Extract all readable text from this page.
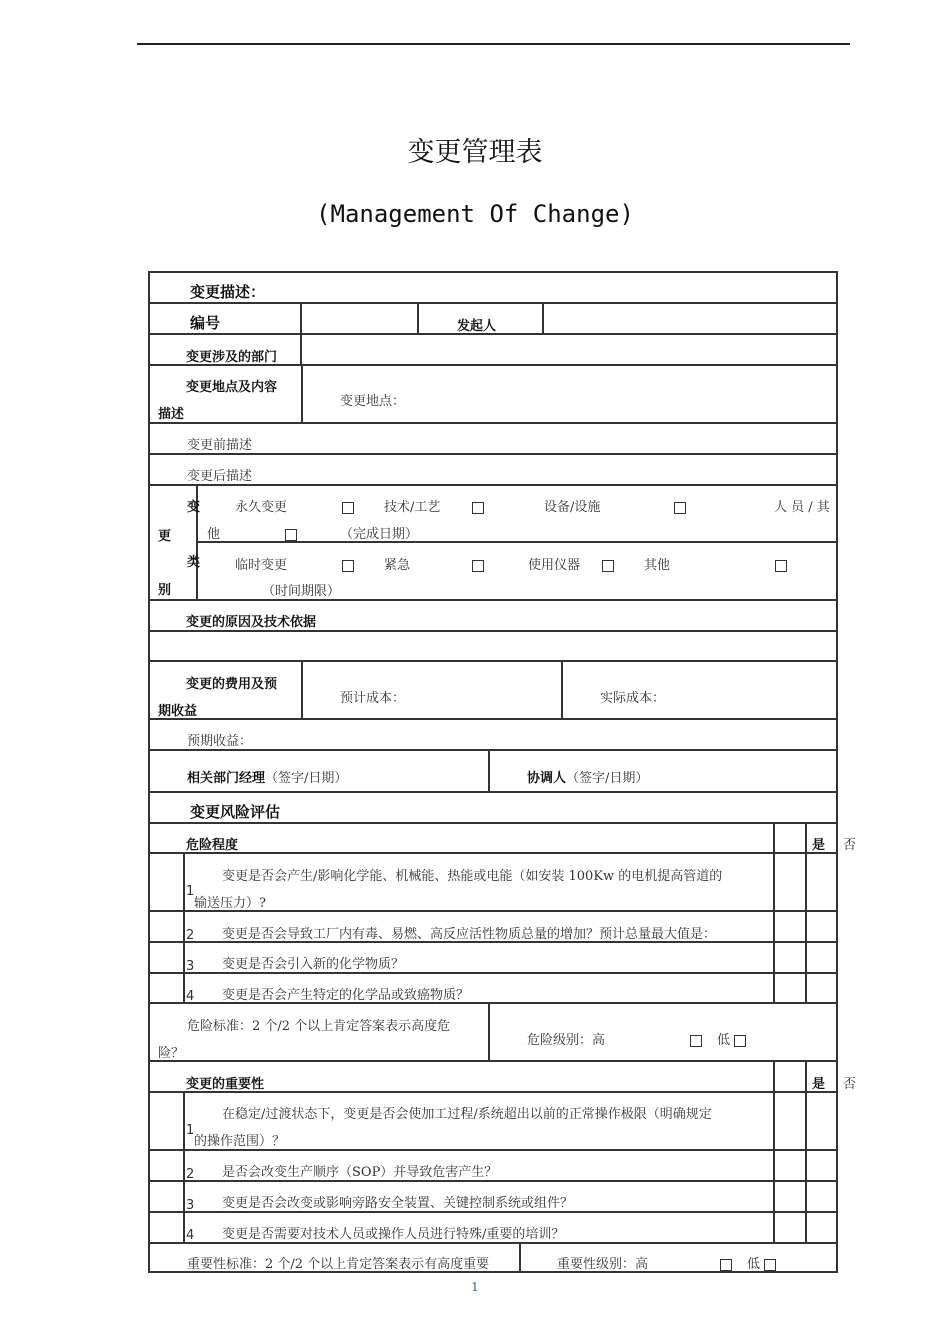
变更管理表
(Management Of Change)
变更描述：
编号	发起人
变更涉及的部门
变更地点及内容
描述
变更地点：
变更前描述
变更后描述
变
更
类
别
永久变更	技术/工艺	设备/设施	人 员 / 其
他	（完成日期）
临时变更	紧急	使用仪器	其他
（时间期限）
变更的原因及技术依据
变更的费用及预
期收益
预计成本：	实际成本：
预期收益：
相关部门经理（签字/日期）	协调人（签字/日期）
变更风险评估
危险程度	是 否
1
变更是否会产生/影响化学能、机械能、热能或电能（如安装 100Kw 的电机提高管道的
输送压力）?
2 变更是否会导致工厂内有毒、易燃、高反应活性物质总量的增加？预计总量最大值是：
3 变更是否会引入新的化学物质？
4 变更是否会产生特定的化学品或致癌物质？
危险标准：2 个/2 个以上肯定答案表示高度危
险？
危险级别：高	低
变更的重要性	是 否
1
在稳定/过渡状态下，变更是否会使加工过程/系统超出以前的正常操作极限（明确规定
的操作范围）？
2 是否会改变生产顺序（SOP）并导致危害产生？
3 变更是否会改变或影响旁路安全装置、关键控制系统或组件？
4 变更是否需要对技术人员或操作人员进行特殊/重要的培训？
重要性标准：2 个/2 个以上肯定答案表示有高度重要	重要性级别：高	低
1
